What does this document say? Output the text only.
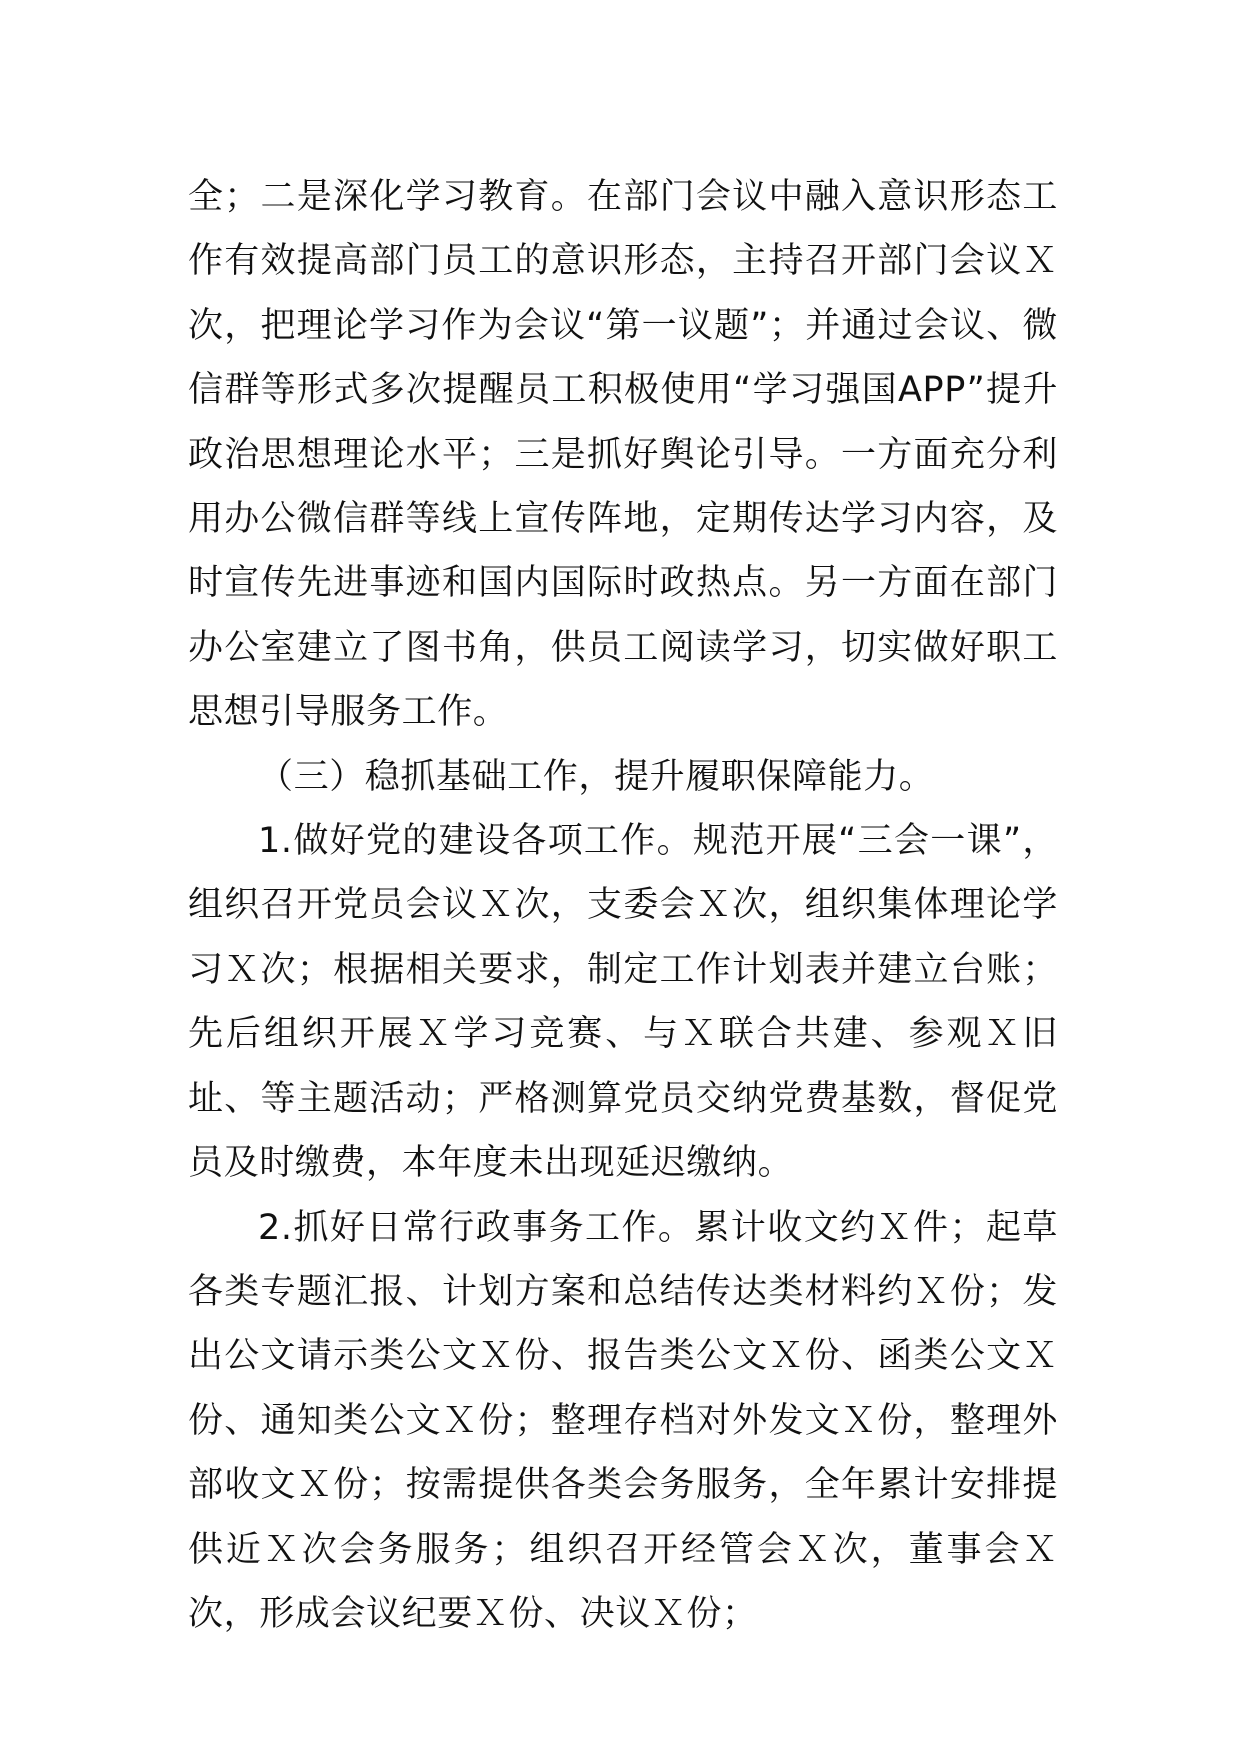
全；二是深化学习教育。在部门会议中融入意识形态工作有效提高部门员工的意识形态，主持召开部门会议Ｘ次，把理论学习作为会议“第一议题”；并通过会议、微信群等形式多次提醒员工积极使用“学习强国APP”提升政治思想理论水平；三是抓好舆论引导。一方面充分利用办公微信群等线上宣传阵地，定期传达学习内容，及时宣传先进事迹和国内国际时政热点。另一方面在部门办公室建立了图书角，供员工阅读学习，切实做好职工思想引导服务工作。

（三）稳抓基础工作，提升履职保障能力。

1.做好党的建设各项工作。规范开展“三会一课”，组织召开党员会议Ｘ次，支委会Ｘ次，组织集体理论学习Ｘ次；根据相关要求，制定工作计划表并建立台账；先后组织开展Ｘ学习竞赛、与Ｘ联合共建、参观Ｘ旧址、等主题活动；严格测算党员交纳党费基数，督促党员及时缴费，本年度未出现延迟缴纳。

2.抓好日常行政事务工作。累计收文约Ｘ件；起草各类专题汇报、计划方案和总结传达类材料约Ｘ份；发出公文请示类公文Ｘ份、报告类公文Ｘ份、函类公文Ｘ份、通知类公文Ｘ份；整理存档对外发文Ｘ份，整理外部收文Ｘ份；按需提供各类会务服务，全年累计安排提供近Ｘ次会务服务；组织召开经管会Ｘ次，董事会Ｘ次，形成会议纪要Ｘ份、决议Ｘ份；
